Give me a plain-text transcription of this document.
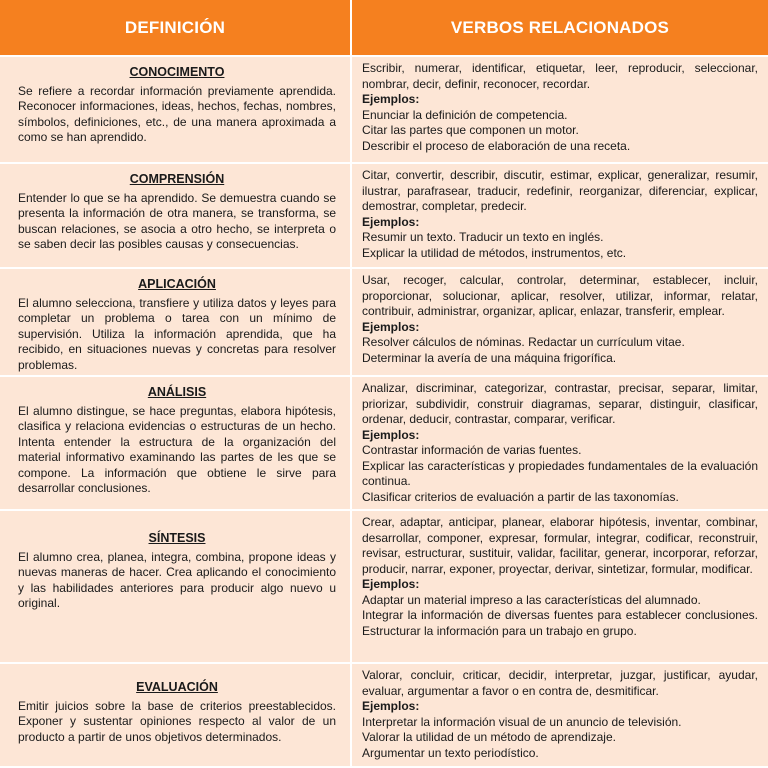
DEFINICIÓN	VERBOS RELACIONADOS
CONOCIMENTO
Se refiere a recordar información previamente aprendida. Reconocer informaciones, ideas, hechos, fechas, nombres, símbolos, definiciones, etc., de una manera aproximada a como se han aprendido.
Escribir, numerar, identificar, etiquetar, leer, reproducir, seleccionar, nombrar, decir, definir, reconocer, recordar.
Ejemplos:
Enunciar la definición de competencia.
Citar las partes que componen un motor.
Describir el proceso de elaboración de una receta.
COMPRENSIÓN
Entender lo que se ha aprendido. Se demuestra cuando se presenta la información de otra manera, se transforma, se buscan relaciones, se asocia a otro hecho, se interpreta o se saben decir las posibles causas y consecuencias.
Citar, convertir, describir, discutir, estimar, explicar, generalizar, resumir, ilustrar, parafrasear, traducir, redefinir, reorganizar, diferenciar, explicar, demostrar, completar, predecir.
Ejemplos:
Resumir un texto. Traducir un texto en inglés.
Explicar la utilidad de métodos, instrumentos, etc.
APLICACIÓN
El alumno selecciona, transfiere y utiliza datos y leyes para completar un problema o tarea con un mínimo de supervisión. Utiliza la información aprendida, que ha recibido, en situaciones nuevas y concretas para resolver problemas.
Usar, recoger, calcular, controlar, determinar, establecer, incluir, proporcionar, solucionar, aplicar, resolver, utilizar, informar, relatar, contribuir, administrar, organizar, aplicar, enlazar, transferir, emplear.
Ejemplos:
Resolver cálculos de nóminas. Redactar un currículum vitae.
Determinar la avería de una máquina frigorífica.
ANÁLISIS
El alumno distingue, se hace preguntas, elabora hipótesis, clasifica y relaciona evidencias o estructuras de un hecho. Intenta entender la estructura de la organización del material informativo examinando las partes de les que se compone. La información que obtiene le sirve para desarrollar conclusiones.
Analizar, discriminar, categorizar, contrastar, precisar, separar, limitar, priorizar, subdividir, construir diagramas, separar, distinguir, clasificar, ordenar, deducir, contrastar, comparar, verificar.
Ejemplos:
Contrastar información de varias fuentes.
Explicar las características y propiedades fundamentales de la evaluación continua.
Clasificar criterios de evaluación a partir de las taxonomías.
SÍNTESIS
El alumno crea, planea, integra, combina, propone ideas y nuevas maneras de hacer. Crea aplicando el conocimiento y las habilidades anteriores para producir algo nuevo u original.
Crear, adaptar, anticipar, planear, elaborar hipótesis, inventar, combinar, desarrollar, componer, expresar, formular, integrar, codificar, reconstruir, revisar, estructurar, sustituir, validar, facilitar, generar, incorporar, reforzar, producir, narrar, exponer, proyectar, derivar, sintetizar, formular, modificar.
Ejemplos:
Adaptar un material impreso a las características del alumnado.
Integrar la información de diversas fuentes para establecer conclusiones. Estructurar la información para un trabajo en grupo.
EVALUACIÓN
Emitir juicios sobre la base de criterios preestablecidos. Exponer y sustentar opiniones respecto al valor de un producto a partir de unos objetivos determinados.
Valorar, concluir, criticar, decidir, interpretar, juzgar, justificar, ayudar, evaluar, argumentar a favor o en contra de, desmitificar.
Ejemplos:
Interpretar la información visual de un anuncio de televisión.
Valorar la utilidad de un método de aprendizaje.
Argumentar un texto periodístico.
